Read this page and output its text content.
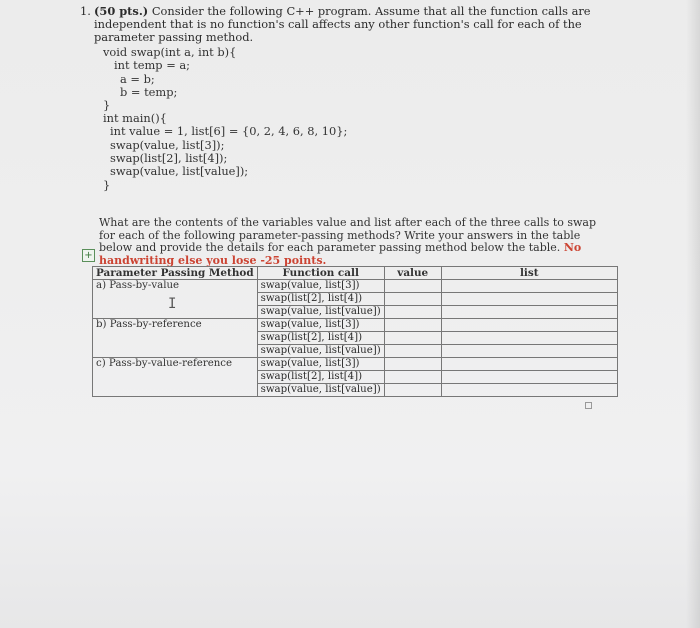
1. (50 pts.) Consider the following C++ program. Assume that all the function calls are independent that is no function's call affects any other function's call for each of the parameter passing method.
void swap(int a, int b){
int temp = a;
a = b;
b = temp;
}
int main(){
int value = 1, list[6] = {0, 2, 4, 6, 8, 10};
swap(value, list[3]);
swap(list[2], list[4]);
swap(value, list[value]);
}
What are the contents of the variables value and list after each of the three calls to swap for each of the following parameter-passing methods? Write your answers in the table below and provide the details for each parameter passing method below the table. No handwriting else you lose -25 points.
+
Parameter Passing Method	Function call	value	list
a) Pass-by-value	swap(value, list[3])		
	swap(list[2], list[4])		
	swap(value, list[value])		
b) Pass-by-reference	swap(value, list[3])		
	swap(list[2], list[4])		
	swap(value, list[value])		
c) Pass-by-value-reference	swap(value, list[3])		
	swap(list[2], list[4])		
	swap(value, list[value])		
I
